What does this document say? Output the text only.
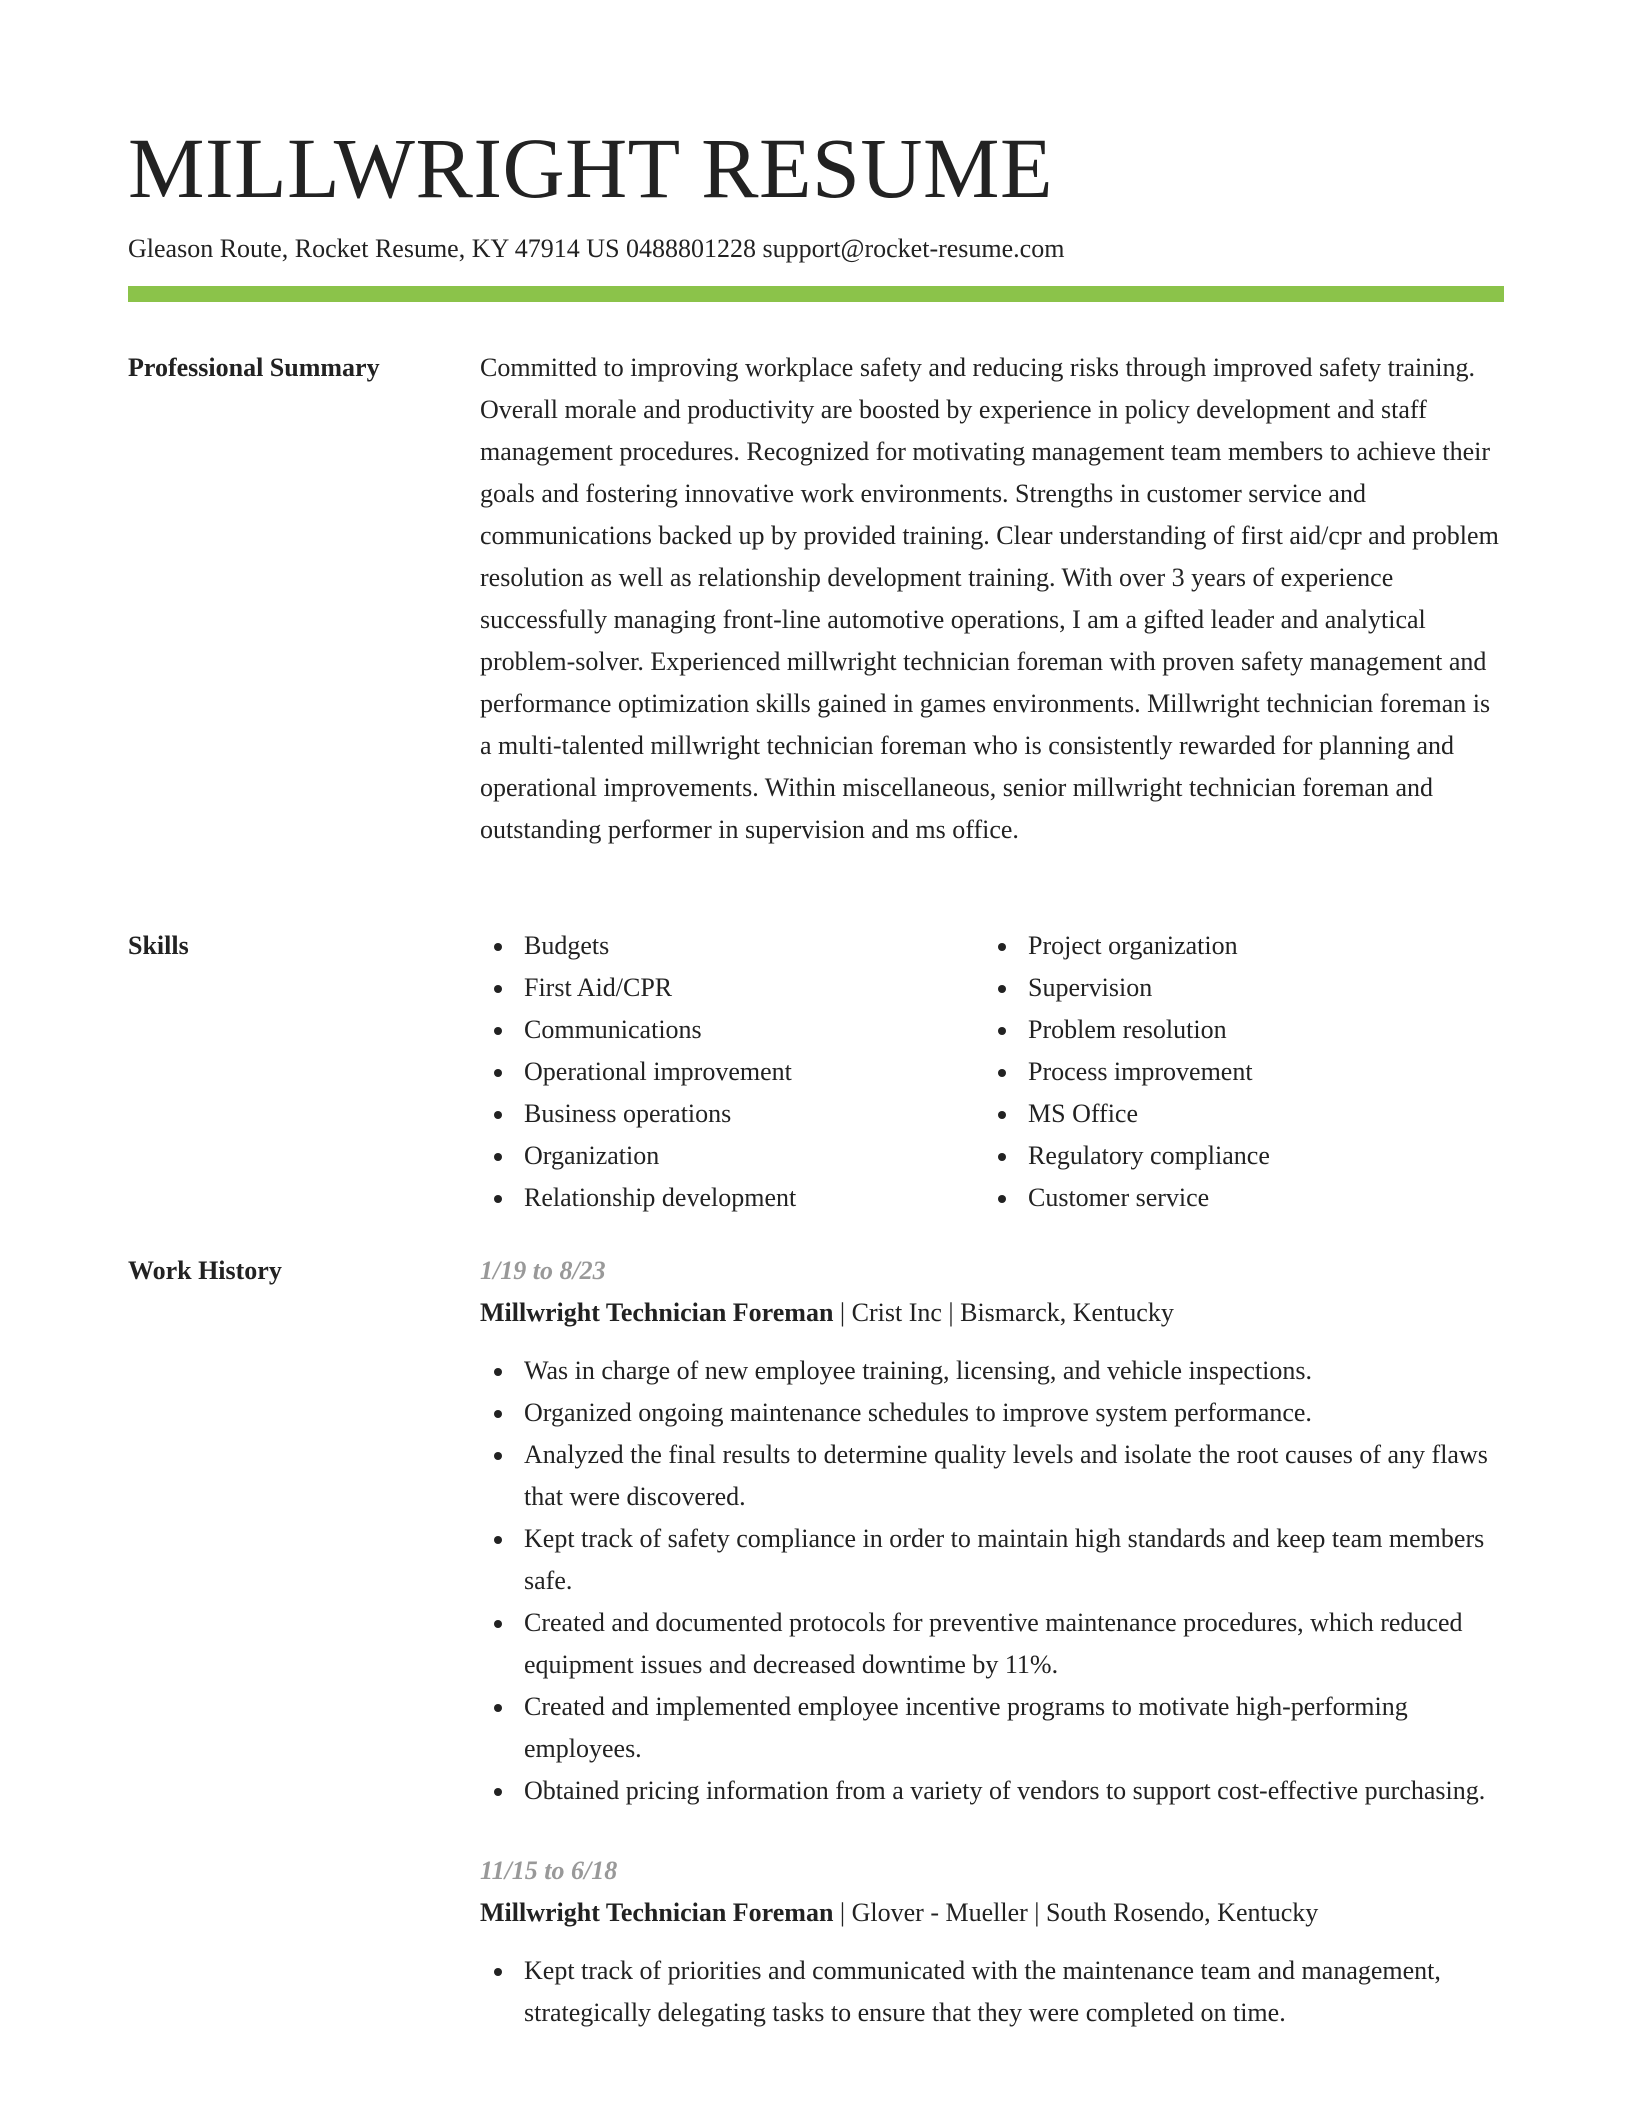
MILLWRIGHT RESUME
Gleason Route, Rocket Resume, KY 47914 US 0488801228 support@rocket-resume.com
Professional Summary	Committed to improving workplace safety and reducing risks through improved safety training. Overall morale and productivity are boosted by experience in policy development and staff management procedures. Recognized for motivating management team members to achieve their goals and fostering innovative work environments. Strengths in customer service and communications backed up by provided training. Clear understanding of first aid/cpr and problem resolution as well as relationship development training. With over 3 years of experience successfully managing front-line automotive operations, I am a gifted leader and analytical problem-solver. Experienced millwright technician foreman with proven safety management and performance optimization skills gained in games environments. Millwright technician foreman is a multi-talented millwright technician foreman who is consistently rewarded for planning and operational improvements. Within miscellaneous, senior millwright technician foreman and outstanding performer in supervision and ms office.

Skills	Budgets
First Aid/CPR
Communications
Operational improvement
Business operations
Organization
Relationship development
Project organization
Supervision
Problem resolution
Process improvement
MS Office
Regulatory compliance
Customer service
Work History	1/19 to 8/23
Millwright Technician Foreman | Crist Inc | Bismarck, Kentucky
Was in charge of new employee training, licensing, and vehicle inspections.
Organized ongoing maintenance schedules to improve system performance.
Analyzed the final results to determine quality levels and isolate the root causes of any flaws that were discovered.
Kept track of safety compliance in order to maintain high standards and keep team members safe.
Created and documented protocols for preventive maintenance procedures, which reduced equipment issues and decreased downtime by 11%.
Created and implemented employee incentive programs to motivate high-performing employees.
Obtained pricing information from a variety of vendors to support cost-effective purchasing.
11/15 to 6/18
Millwright Technician Foreman | Glover - Mueller | South Rosendo, Kentucky
Kept track of priorities and communicated with the maintenance team and management, strategically delegating tasks to ensure that they were completed on time.
